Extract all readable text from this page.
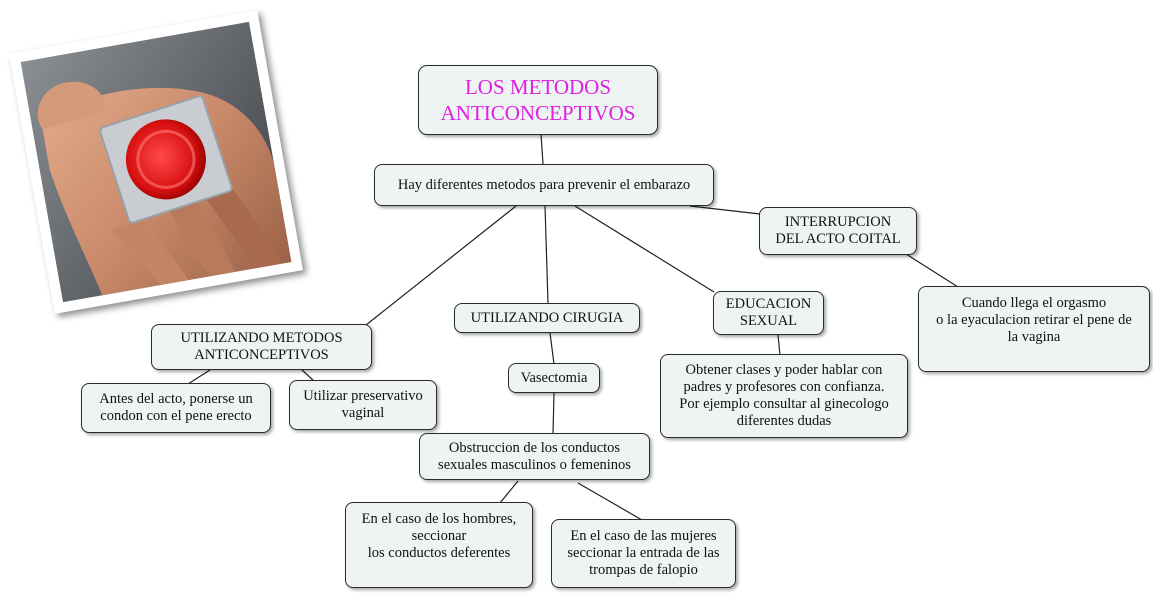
LOS METODOS
ANTICONCEPTIVOS
Hay diferentes metodos para prevenir el embarazo
INTERRUPCION
DEL ACTO COITAL
Cuando llega el orgasmo
o la eyaculacion retirar el pene de
la vagina
UTILIZANDO METODOS
ANTICONCEPTIVOS
UTILIZANDO CIRUGIA
EDUCACION
SEXUAL
Antes del acto, ponerse un
condon con el pene erecto
Utilizar preservativo
vaginal
Vasectomia	Obtener clases y poder hablar con
padres y profesores con confianza.
Por ejemplo consultar al ginecologo
diferentes dudas
Obstruccion de los conductos
sexuales masculinos o femeninos
En el caso de los hombres,
seccionar
los conductos deferentes
En el caso de las mujeres
seccionar la entrada de las
trompas de falopio
